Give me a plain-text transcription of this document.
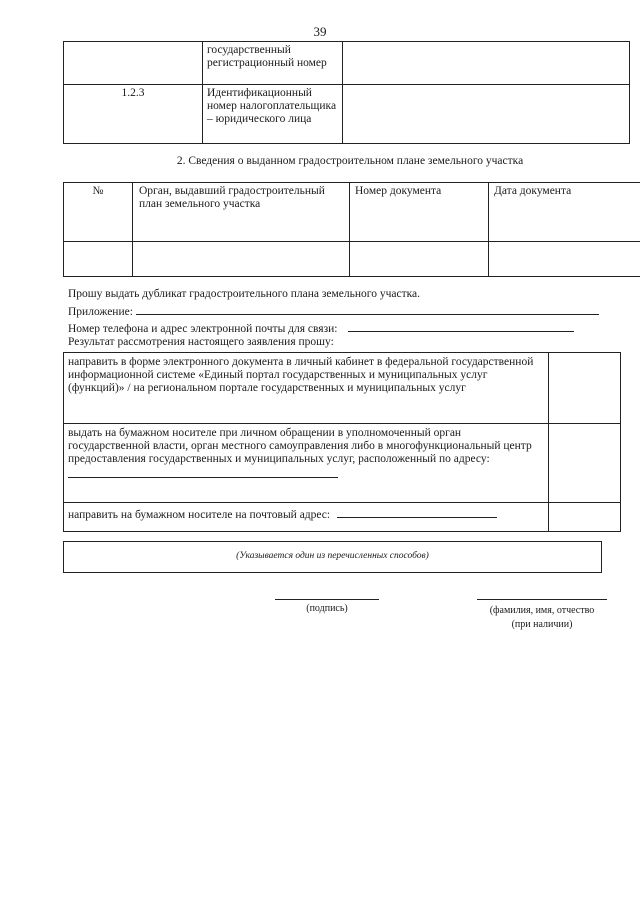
39
	государственный регистрационный номер	
1.2.3	Идентификационный номер налогоплательщика – юридического лица	
2. Сведения о выданном градостроительном плане земельного участка
№	Орган, выдавший градостроительный план земельного участка	Номер документа	Дата документа

Прошу выдать дубликат градостроительного плана земельного участка.
Приложение:
Номер телефона и адрес электронной почты для связи:
Результат рассмотрения настоящего заявления прошу:
направить в форме электронного документа в личный кабинет в федеральной государственной информационной системе «Единый портал государственных и муниципальных услуг (функций)» / на региональном портале государственных и муниципальных услуг	
выдать на бумажном носителе при личном обращении в уполномоченный орган государственной власти, орган местного самоуправления либо в многофункциональный центр предоставления государственных и муниципальных услуг, расположенный по адресу:	
направить на бумажном носителе на почтовый адрес:	
(Указывается один из перечисленных способов)
(подпись)	(фамилия, имя, отчество
(при наличии)
